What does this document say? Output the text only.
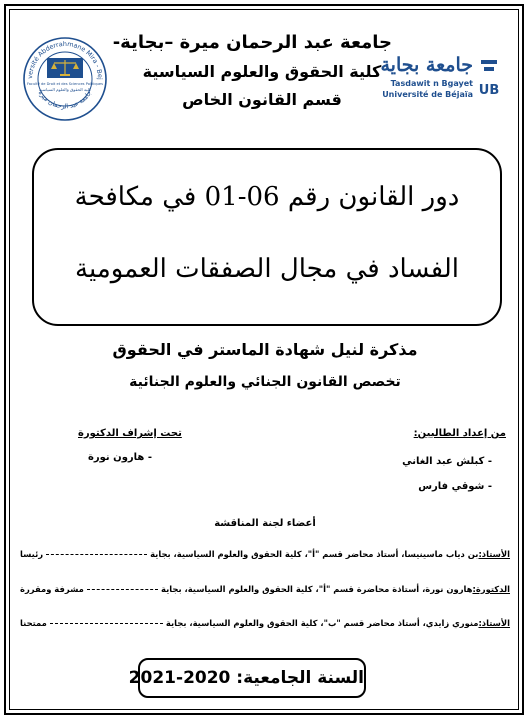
versité Abderrahmane Mira - Bej
جامعة عبد الرحمان ميرة
Faculté de Droit et des Sciences Politiques
كلية الحقوق والعلوم السياسية
جامعة عبد الرحمان ميرة –بجاية-
كلية الحقوق والعلوم السياسية
قسم القانون الخاص
جامعة بجاية
Tasdawit n Bgayet
Université de Béjaïa UB
دور القانون رقم 06-01 في مكافحة
الفساد في مجال الصفقات العمومية
مذكرة لنيل شهادة الماستر في الحقوق
تخصص القانون الجنائي والعلوم الجنائية
من إعداد الطالبين:
- كبلش عبد الغاني
- شوقي فارس
تحت إشراف الدكتورة
- هارون نورة
أعضاء لجنة المناقشة
الأستاذ:
بن دياب ماسينيسا، أستاذ محاضر قسم "أ"، كلية الحقوق والعلوم السياسية، بجاية
رئيسا
الدكتورة:
هارون نورة، أستاذة محاضرة قسم "أ"، كلية الحقوق والعلوم السياسية، بجاية
مشرفة ومقررة
الأستاذ:
منوري زايدي، أستاذ محاضر قسم "ب"، كلية الحقوق والعلوم السياسية، بجاية
ممتحنا
السنة الجامعية: 2020-2021
